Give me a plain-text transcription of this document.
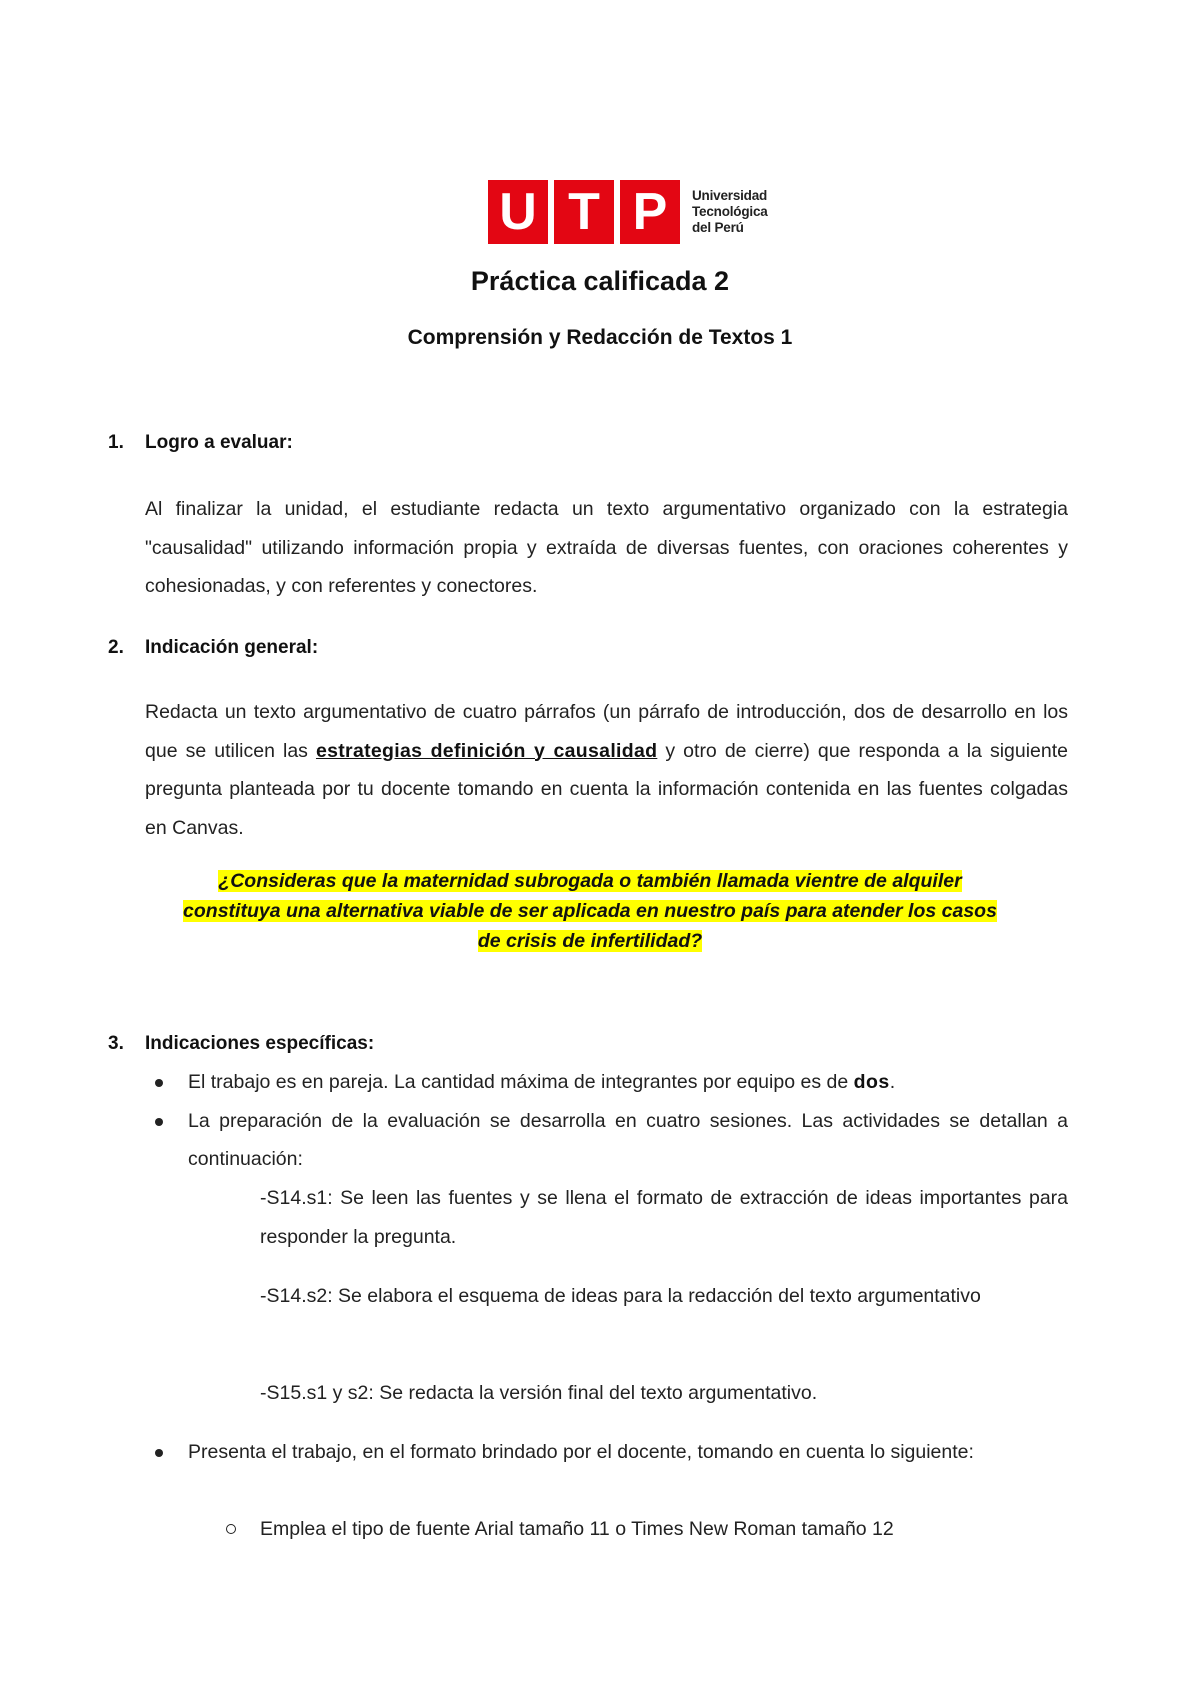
U T P	Universidad
Tecnológica
del Perú
Práctica calificada 2
Comprensión y Redacción de Textos 1
1.	Logro a evaluar:
Al finalizar la unidad, el estudiante redacta un texto argumentativo organizado con la estrategia "causalidad" utilizando información propia y extraída de diversas fuentes, con oraciones coherentes y cohesionadas, y con referentes y conectores.
2.	Indicación general:
Redacta un texto argumentativo de cuatro párrafos (un párrafo de introducción, dos de desarrollo en los que se utilicen las estrategias definición y causalidad y otro de cierre) que responda a la siguiente pregunta planteada por tu docente tomando en cuenta la información contenida en las fuentes colgadas en Canvas.
¿Consideras que la maternidad subrogada o también llamada vientre de alquiler
constituya una alternativa viable de ser aplicada en nuestro país para atender los casos
de crisis de infertilidad?
3.	Indicaciones específicas:
El trabajo es en pareja. La cantidad máxima de integrantes por equipo es de dos.
La preparación de la evaluación se desarrolla en cuatro sesiones. Las actividades se detallan a continuación:
-S14.s1: Se leen las fuentes y se llena el formato de extracción de ideas importantes para responder la pregunta.
-S14.s2: Se elabora el esquema de ideas para la redacción del texto argumentativo
-S15.s1 y s2: Se redacta la versión final del texto argumentativo.
Presenta el trabajo, en el formato brindado por el docente, tomando en cuenta lo siguiente:
Emplea el tipo de fuente Arial tamaño 11 o Times New Roman tamaño 12
